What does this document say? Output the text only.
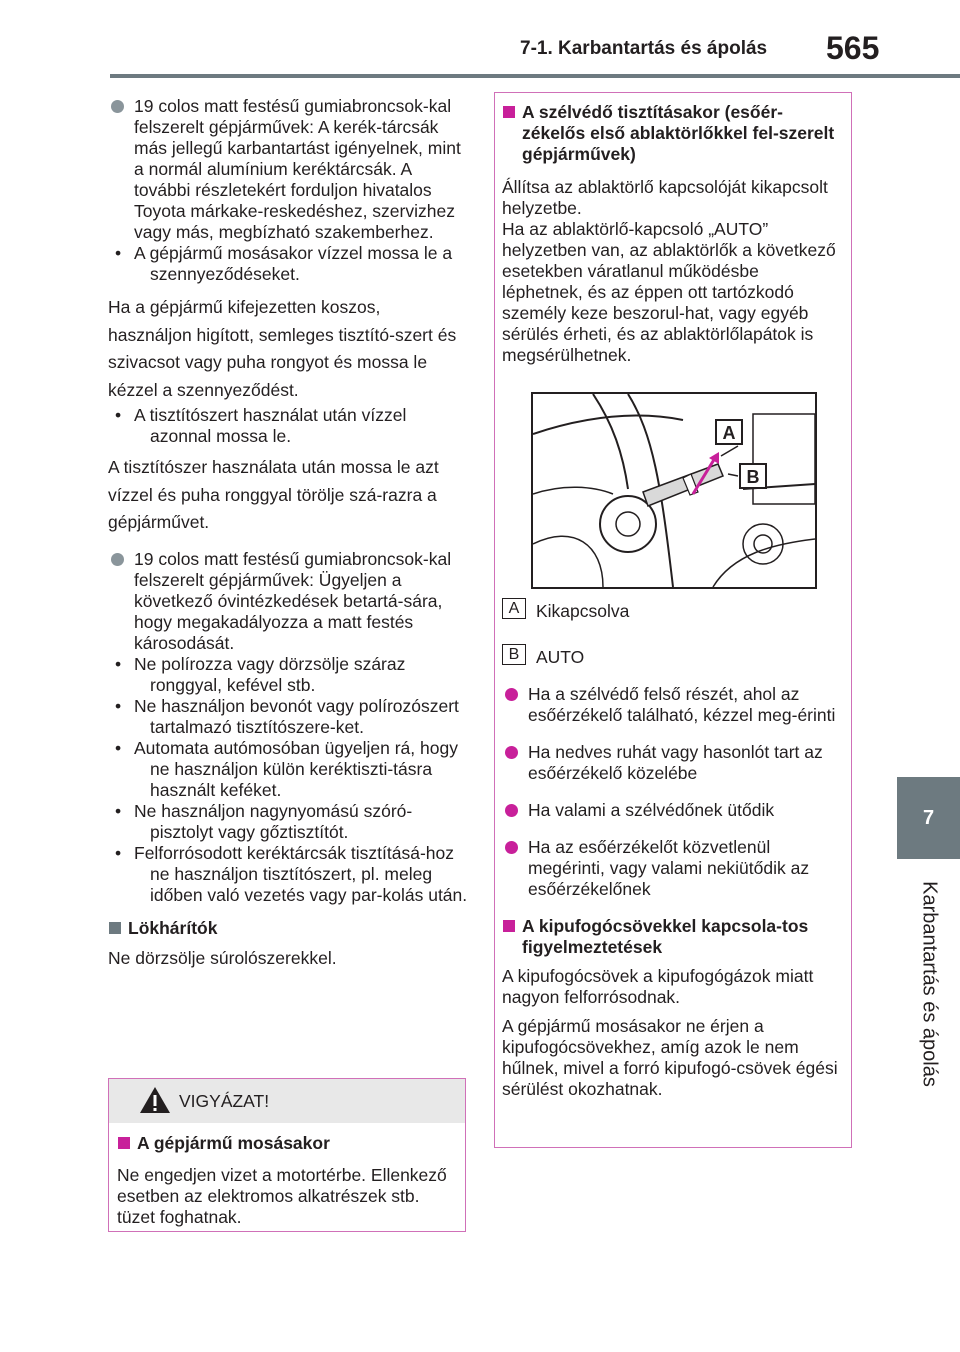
7-1. Karbantartás és ápolás 565
7
Karbantartás és ápolás
19 colos matt festésű gumiabroncsok-kal felszerelt gépjárművek: A kerék-tárcsák más jellegű karbantartást igényelnek, mint a normál alumínium keréktárcsák. A további részletekért forduljon hivatalos Toyota márkake-reskedéshez, szervizhez vagy más, megbízható szakemberhez.
• A gépjármű mosásakor vízzel mossa le a szennyeződéseket.
Ha a gépjármű kifejezetten koszos, használjon higított, semleges tisztító-szert és szivacsot vagy puha rongyot és mossa le kézzel a szennyeződést.
• A tisztítószert használat után vízzel azonnal mossa le.
A tisztítószer használata után mossa le azt vízzel és puha ronggyal törölje szá-razra a gépjárművet.
19 colos matt festésű gumiabroncsok-kal felszerelt gépjárművek: Ügyeljen a következő óvintézkedések betartá-sára, hogy megakadályozza a matt festés károsodását.
• Ne polírozza vagy dörzsölje száraz ronggyal, kefével stb.
• Ne használjon bevonót vagy polírozószert tartalmazó tisztítószere-ket.
• Automata autómosóban ügyeljen rá, hogy ne használjon külön keréktiszti-tásra használt keféket.
• Ne használjon nagynyomású szóró-pisztolyt vagy gőztisztítót.
• Felforrósodott keréktárcsák tisztításá-hoz ne használjon tisztítószert, pl. meleg időben való vezetés vagy par-kolás után.
Lökhárítók
Ne dörzsölje súrolószerekkel.
VIGYÁZAT!
A gépjármű mosásakor
Ne engedjen vizet a motortérbe. Ellenkező esetben az elektromos alkatrészek stb. tüzet foghatnak.
A szélvédő tisztításakor (esőér-zékelős első ablaktörlőkkel fel-szerelt gépjárművek)
Állítsa az ablaktörlő kapcsolóját kikapcsolt helyzetbe.
Ha az ablaktörlő-kapcsoló „AUTO” helyzetben van, az ablaktörlők a következő esetekben váratlanul működésbe léphetnek, és az éppen ott tartózkodó személy keze beszorul-hat, vagy egyéb sérülés érheti, és az ablaktörlőlapátok is megsérülhetnek.
A
B
A Kikapcsolva
B AUTO
Ha a szélvédő felső részét, ahol az esőérzékelő található, kézzel meg-érinti
Ha nedves ruhát vagy hasonlót tart az esőérzékelő közelébe
Ha valami a szélvédőnek ütődik
Ha az esőérzékelőt közvetlenül megérinti, vagy valami nekiütődik az esőérzékelőnek
A kipufogócsövekkel kapcsola-tos figyelmeztetések
A kipufogócsövek a kipufogógázok miatt nagyon felforrósodnak.
A gépjármű mosásakor ne érjen a kipufogócsövekhez, amíg azok le nem hűlnek, mivel a forró kipufogó-csövek égési sérülést okozhatnak.
